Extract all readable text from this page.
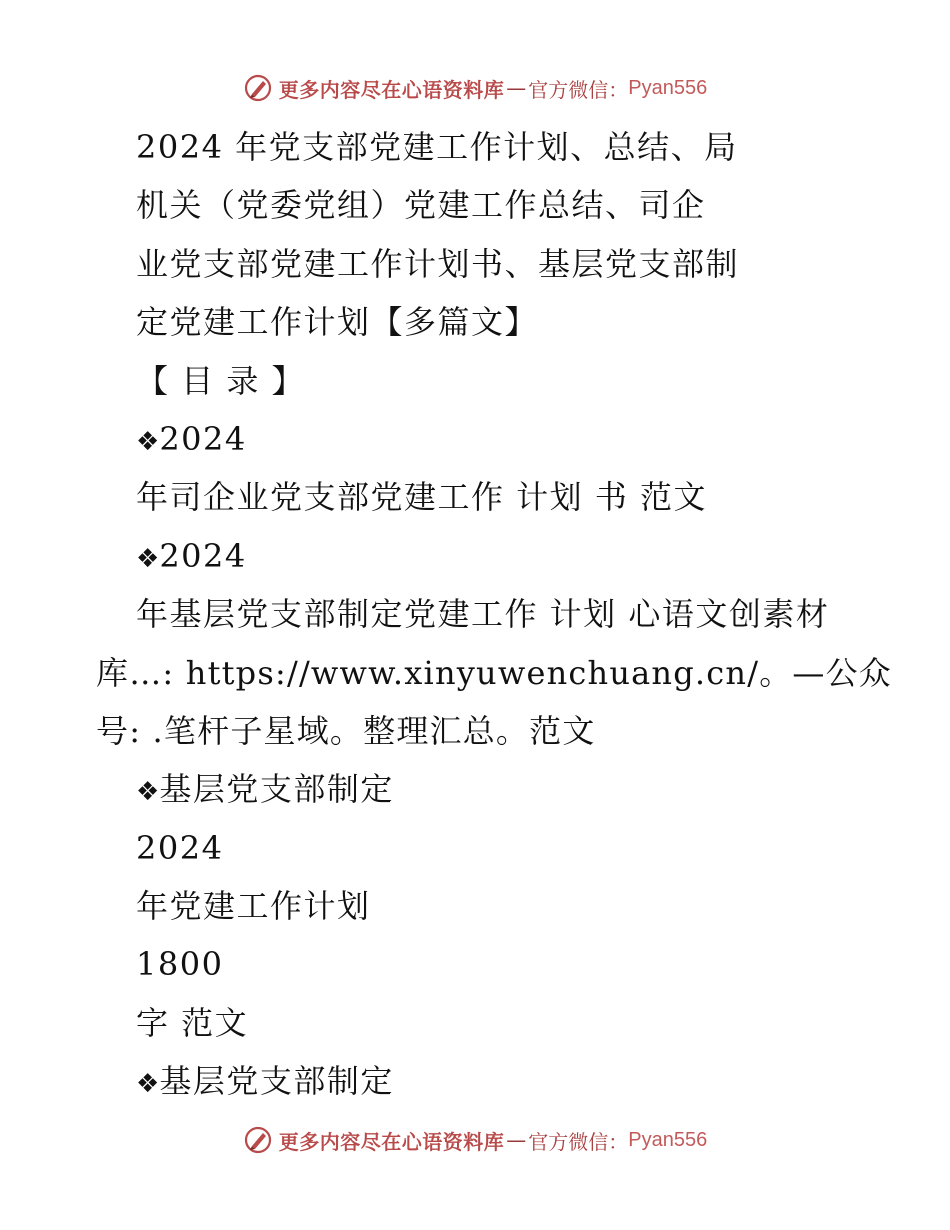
更多内容尽在心语资料库 — 官方微信： Pyan556
2024 年党支部党建工作计划、总结、局
机关（党委党组）党建工作总结、司企
业党支部党建工作计划书、基层党支部制
定党建工作计划【多篇文】
【 目 录 】
❖2024
年司企业党支部党建工作 计划 书 范文
❖2024
年基层党支部制定党建工作 计划 心语文创素材
库…: https://www.xinyuwenchuang.cn/。—公众
号: .笔杆子星域。整理汇总。范文
❖基层党支部制定
2024
年党建工作计划
1800
字 范文
❖基层党支部制定
更多内容尽在心语资料库 — 官方微信： Pyan556
